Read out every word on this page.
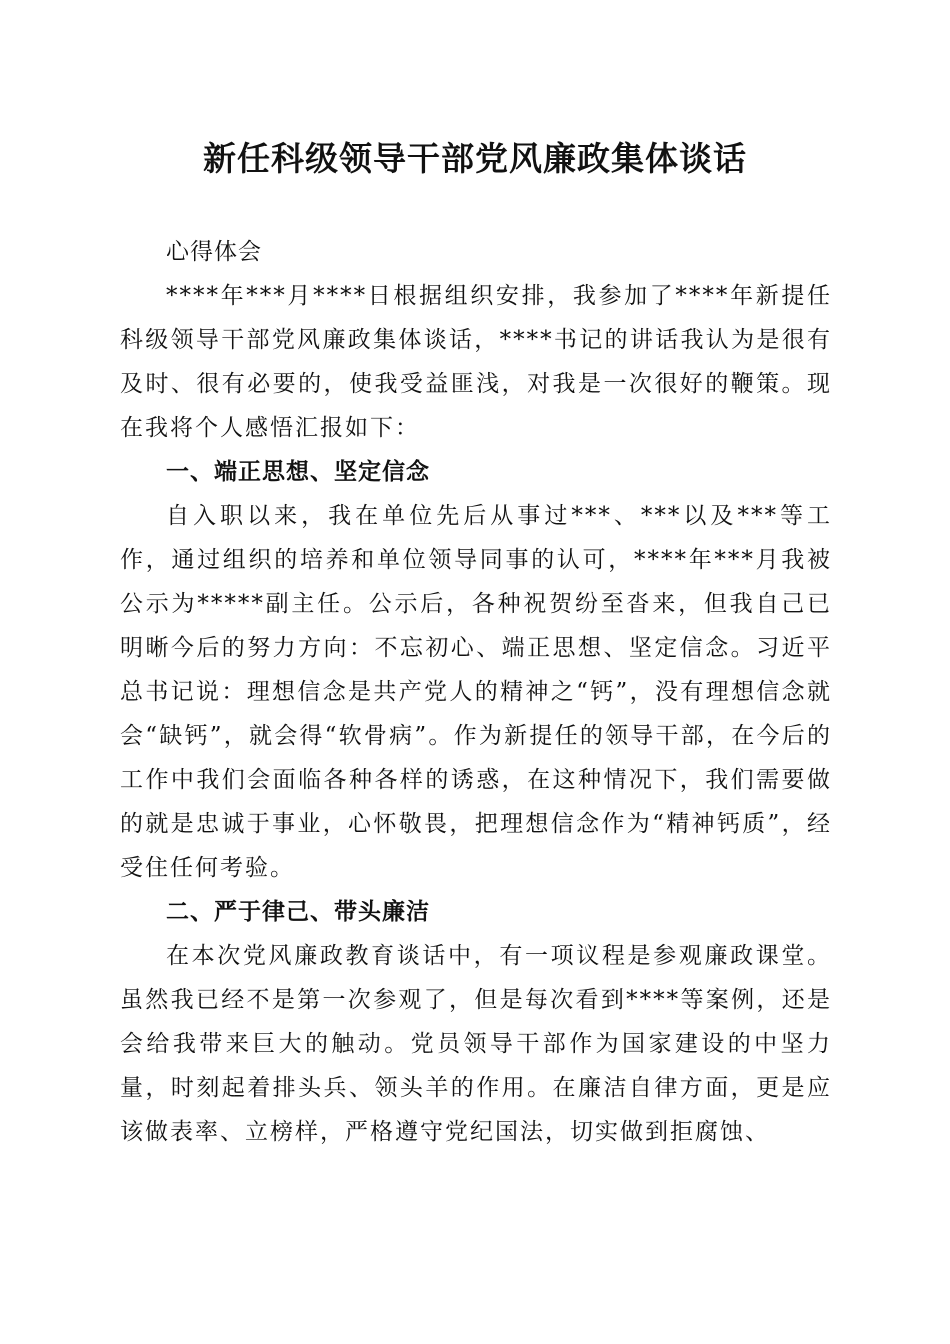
新任科级领导干部党风廉政集体谈话

心得体会

****年***月****日根据组织安排，我参加了****年新提任科级领导干部党风廉政集体谈话，****书记的讲话我认为是很有及时、很有必要的，使我受益匪浅，对我是一次很好的鞭策。现在我将个人感悟汇报如下：

一、端正思想、坚定信念

自入职以来，我在单位先后从事过***、***以及***等工作，通过组织的培养和单位领导同事的认可，****年***月我被公示为*****副主任。公示后，各种祝贺纷至沓来，但我自己已明晰今后的努力方向：不忘初心、端正思想、坚定信念。习近平总书记说：理想信念是共产党人的精神之“钙”，没有理想信念就会“缺钙”，就会得“软骨病”。作为新提任的领导干部，在今后的工作中我们会面临各种各样的诱惑，在这种情况下，我们需要做的就是忠诚于事业，心怀敬畏，把理想信念作为“精神钙质”，经受住任何考验。

二、严于律己、带头廉洁

在本次党风廉政教育谈话中，有一项议程是参观廉政课堂。虽然我已经不是第一次参观了，但是每次看到****等案例，还是会给我带来巨大的触动。党员领导干部作为国家建设的中坚力量，时刻起着排头兵、领头羊的作用。在廉洁自律方面，更是应该做表率、立榜样，严格遵守党纪国法，切实做到拒腐蚀、
